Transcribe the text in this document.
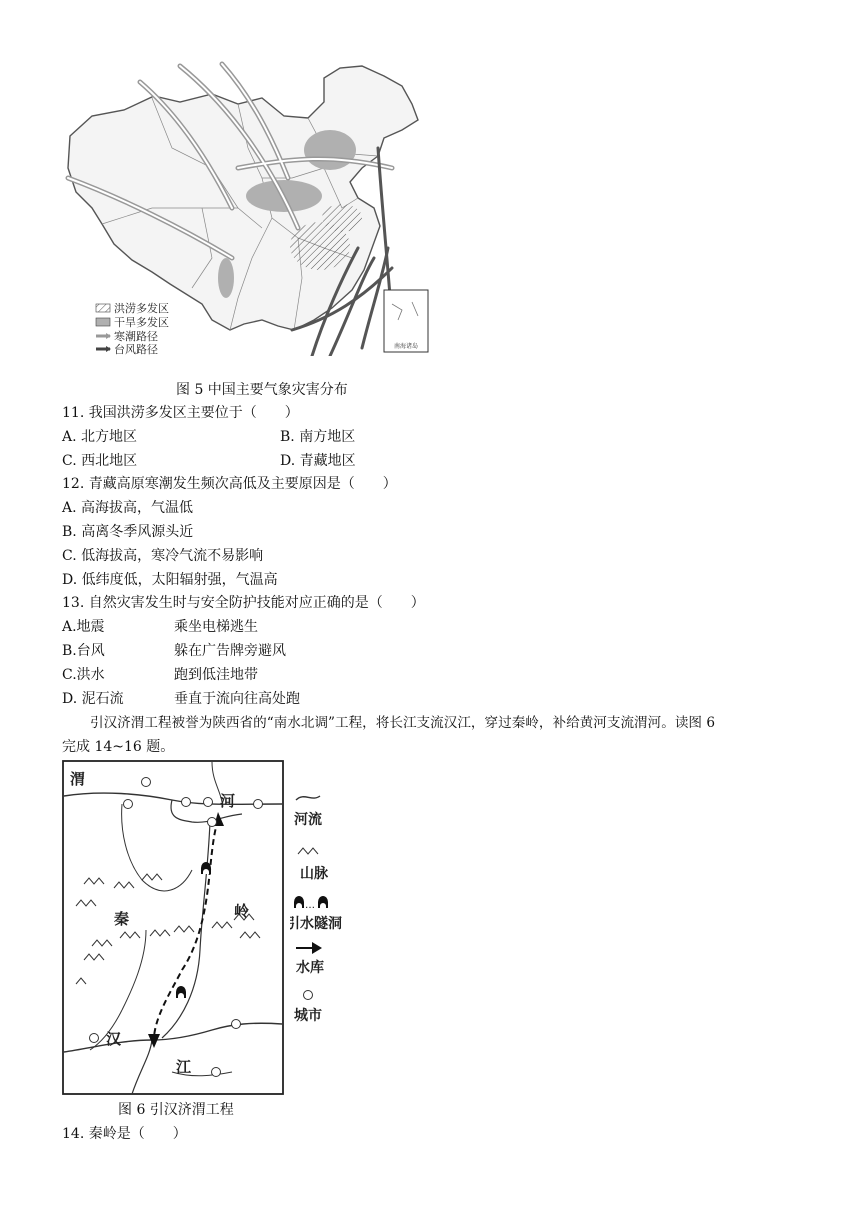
南海诸岛
洪涝多发区
干旱多发区
寒潮路径
台风路径
图 5 中国主要气象灾害分布
11. 我国洪涝多发区主要位于（　　）
A. 北方地区	B. 南方地区
C. 西北地区	D. 青藏地区
12. 青藏高原寒潮发生频次高低及主要原因是（　　）
A. 高海拔高，气温低
B. 高离冬季风源头近
C. 低海拔高，寒冷气流不易影响
D. 低纬度低，太阳辐射强，气温高
13. 自然灾害发生时与安全防护技能对应正确的是（　　）
A.地震	乘坐电梯逃生
B.台风	躲在广告牌旁避风
C.洪水	跑到低洼地带
D. 泥石流	垂直于流向往高处跑
引汉济渭工程被誉为陕西省的“南水北调”工程，将长江支流汉江，穿过秦岭，补给黄河支流渭河。读图 6
完成 14~16 题。
渭
河
秦	岭
汉
江
河流
山脉
…
引水隧洞
水库
城市
图 6 引汉济渭工程
14. 秦岭是（　　）
